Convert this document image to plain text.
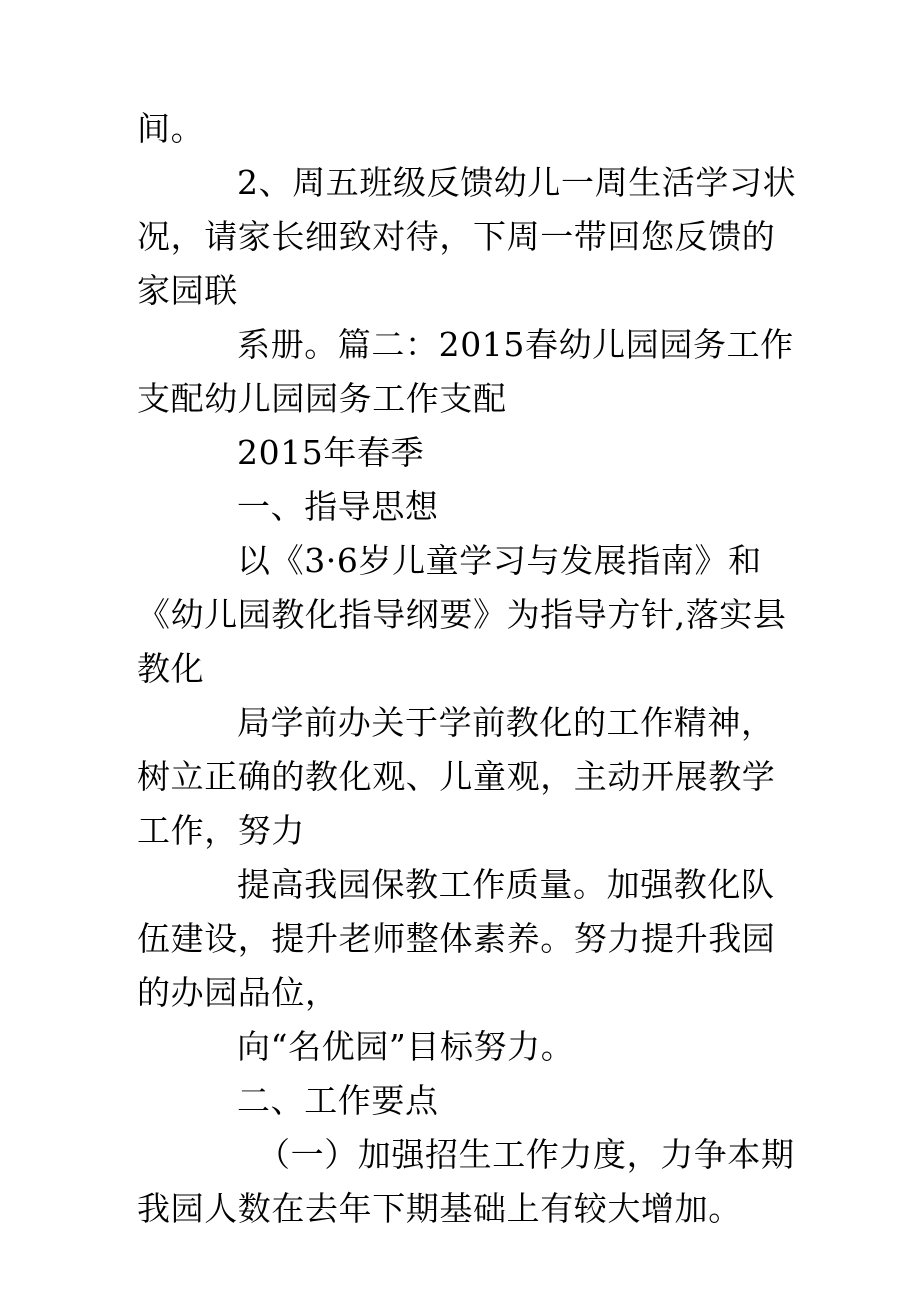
间。

2、周五班级反馈幼儿一周生活学习状况，请家长细致对待，下周一带回您反馈的家园联

系册。篇二：2015春幼儿园园务工作支配幼儿园园务工作支配

2015年春季

一、指导思想

以《3·6岁儿童学习与发展指南》和《幼儿园教化指导纲要》为指导方针,落实县教化

局学前办关于学前教化的工作精神，树立正确的教化观、儿童观，主动开展教学工作，努力

提高我园保教工作质量。加强教化队伍建设，提升老师整体素养。努力提升我园的办园品位，

向“名优园”目标努力。

二、工作要点

（一）加强招生工作力度，力争本期我园人数在去年下期基础上有较大增加。
